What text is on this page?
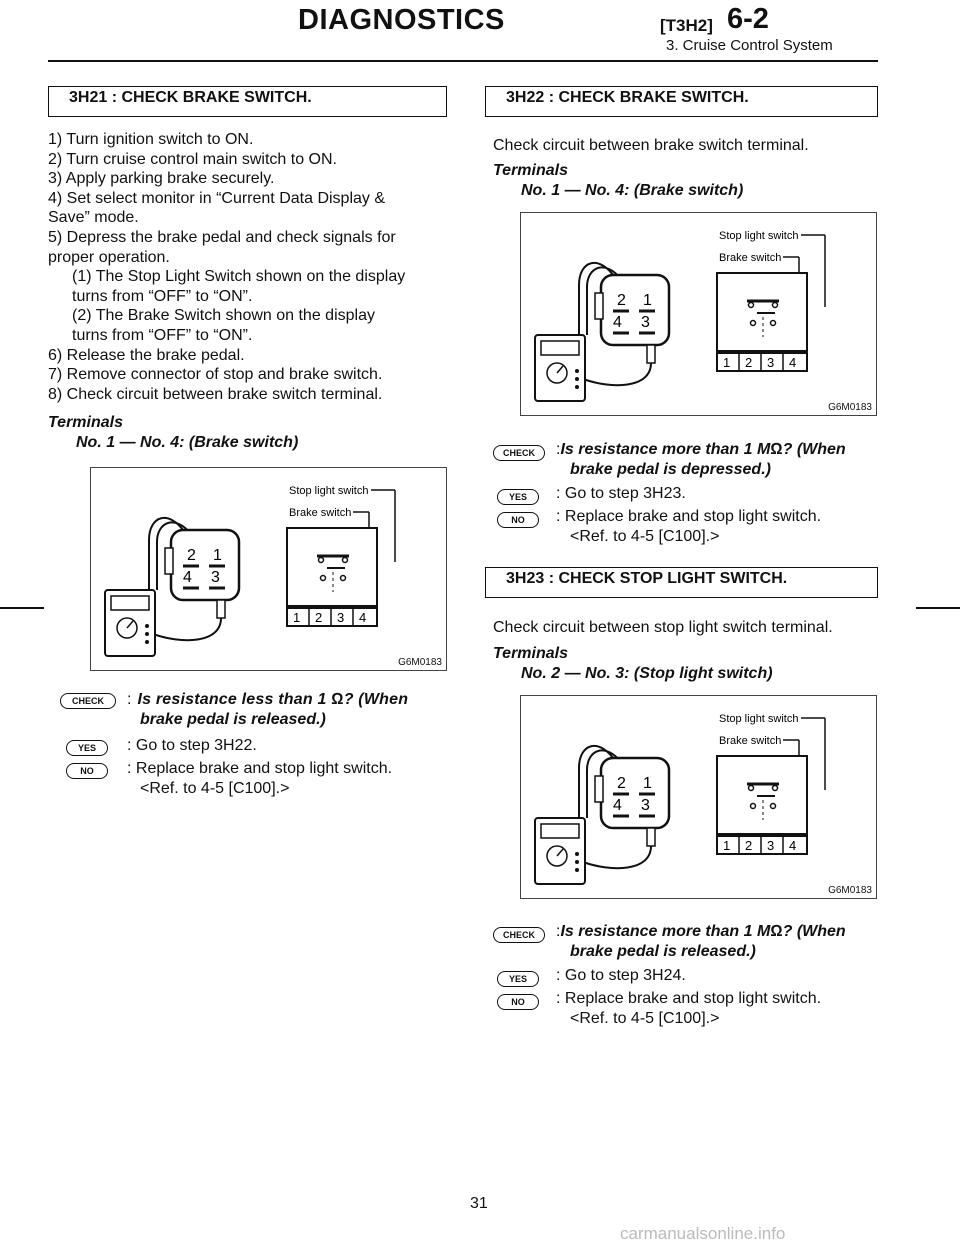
DIAGNOSTICS	[T3H2] 6-2
3. Cruise Control System
3H21 : CHECK BRAKE SWITCH.

1) Turn ignition switch to ON.

2) Turn cruise control main switch to ON.

3) Apply parking brake securely.

4) Set select monitor in “Current Data Display &

Save” mode.

5) Depress the brake pedal and check signals for

proper operation.

(1) The Stop Light Switch shown on the display

turns from “OFF” to “ON”.

(2) The Brake Switch shown on the display

turns from “OFF” to “ON”.

6) Release the brake pedal.

7) Remove connector of stop and brake switch.

8) Check circuit between brake switch terminal.

Terminals
No. 1 — No. 4: (Brake switch)
2 1
4 3
Stop light switch
Brake switch
1 2 3 4
G6M0183
CHECK	: Is resistance less than 1 Ω? (When
brake pedal is released.)
YES	: Go to step 3H22.
NO	: Replace brake and stop light switch.
<Ref. to 4-5 [C100].>
3H22 : CHECK BRAKE SWITCH.
Check circuit between brake switch terminal.
Terminals
No. 1 — No. 4: (Brake switch)
2 1
4 3
Stop light switch
Brake switch
1 2 3 4
G6M0183
CHECK	:Is resistance more than 1 MΩ? (When
brake pedal is depressed.)
YES	: Go to step 3H23.
NO	: Replace brake and stop light switch.
<Ref. to 4-5 [C100].>
3H23 : CHECK STOP LIGHT SWITCH.
Check circuit between stop light switch terminal.
Terminals
No. 2 — No. 3: (Stop light switch)
2 1
4 3
Stop light switch
Brake switch
1 2 3 4
G6M0183
CHECK	:Is resistance more than 1 MΩ? (When
brake pedal is released.)
YES	: Go to step 3H24.
NO	: Replace brake and stop light switch.
<Ref. to 4-5 [C100].>
31
carmanualsonline.info
